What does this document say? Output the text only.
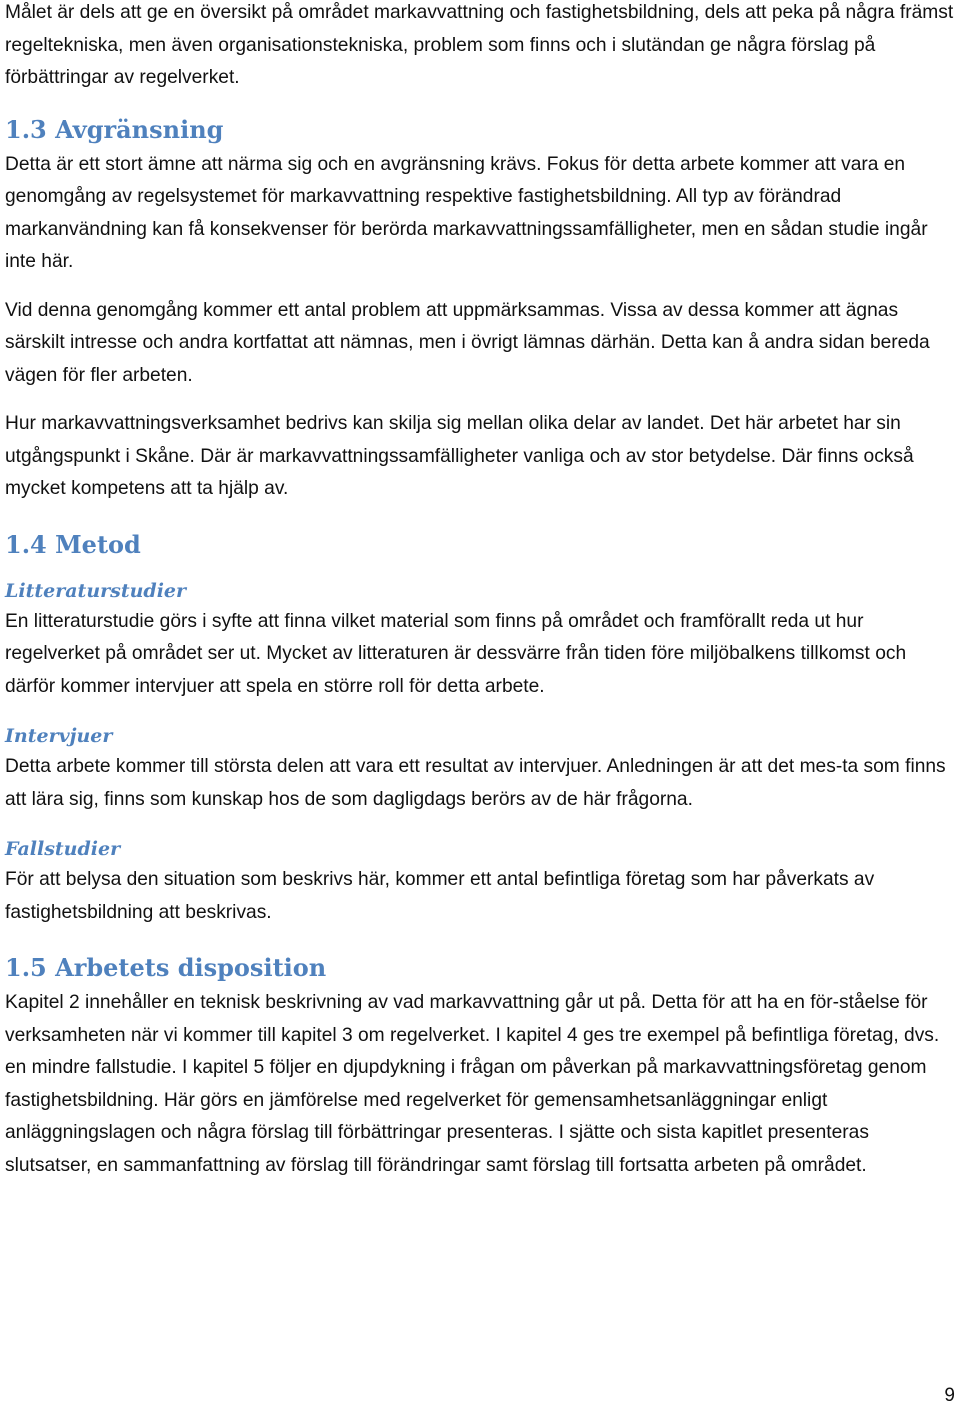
Målet är dels att ge en översikt på området markavvattning och fastighetsbildning, dels att peka på några främst regeltekniska, men även organisationstekniska, problem som finns och i slutändan ge några förslag på förbättringar av regelverket.

1.3 Avgränsning

Detta är ett stort ämne att närma sig och en avgränsning krävs. Fokus för detta arbete kommer att vara en genomgång av regelsystemet för markavvattning respektive fastighetsbildning. All typ av förändrad markanvändning kan få konsekvenser för berörda markavvattningssamfälligheter, men en sådan studie ingår inte här.

Vid denna genomgång kommer ett antal problem att uppmärksammas. Vissa av dessa kommer att ägnas särskilt intresse och andra kortfattat att nämnas, men i övrigt lämnas därhän. Detta kan å andra sidan bereda vägen för fler arbeten.

Hur markavvattningsverksamhet bedrivs kan skilja sig mellan olika delar av landet. Det här arbetet har sin utgångspunkt i Skåne. Där är markavvattningssamfälligheter vanliga och av stor betydelse. Där finns också mycket kompetens att ta hjälp av.

1.4 Metod
Litteraturstudier

En litteraturstudie görs i syfte att finna vilket material som finns på området och framförallt reda ut hur regelverket på området ser ut. Mycket av litteraturen är dessvärre från tiden före miljöbalkens tillkomst och därför kommer intervjuer att spela en större roll för detta arbete.

Intervjuer

Detta arbete kommer till största delen att vara ett resultat av intervjuer. Anledningen är att det mes-ta som finns att lära sig, finns som kunskap hos de som dagligdags berörs av de här frågorna.

Fallstudier

För att belysa den situation som beskrivs här, kommer ett antal befintliga företag som har påverkats av fastighetsbildning att beskrivas.

1.5 Arbetets disposition

Kapitel 2 innehåller en teknisk beskrivning av vad markavvattning går ut på. Detta för att ha en för-ståelse för verksamheten när vi kommer till kapitel 3 om regelverket. I kapitel 4 ges tre exempel på befintliga företag, dvs. en mindre fallstudie. I kapitel 5 följer en djupdykning i frågan om påverkan på markavvattningsföretag genom fastighetsbildning. Här görs en jämförelse med regelverket för gemensamhetsanläggningar enligt anläggningslagen och några förslag till förbättringar presenteras. I sjätte och sista kapitlet presenteras slutsatser, en sammanfattning av förslag till förändringar samt förslag till fortsatta arbeten på området.

9
